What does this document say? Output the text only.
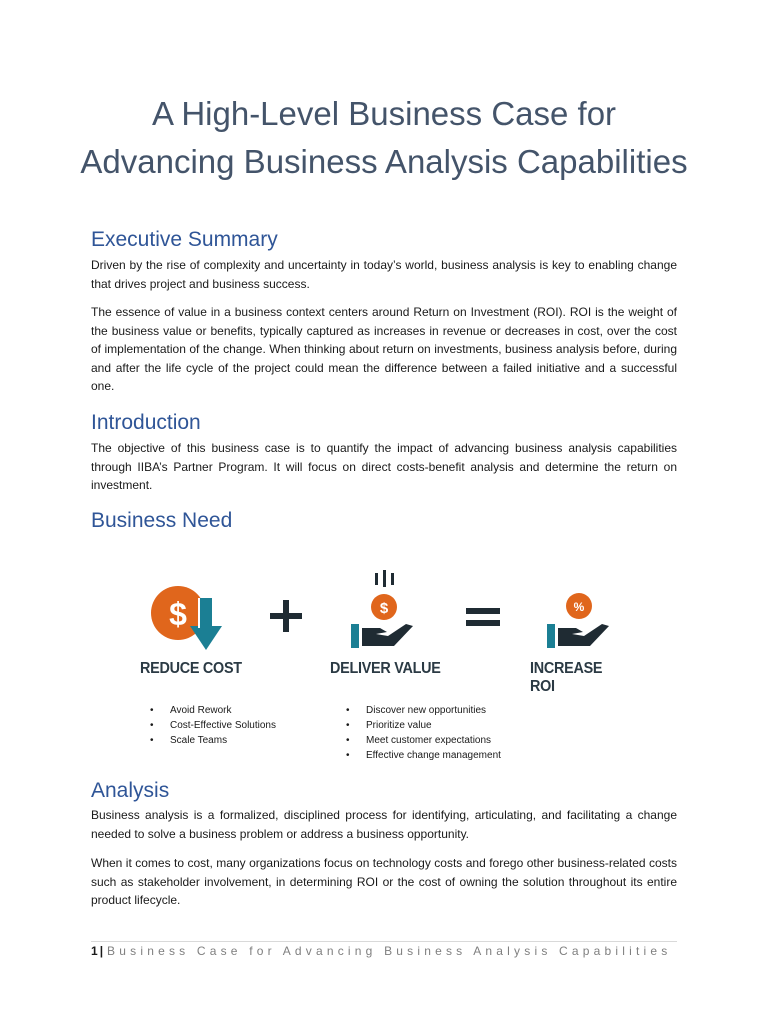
A High-Level Business Case for
Advancing Business Analysis Capabilities
Executive Summary

Driven by the rise of complexity and uncertainty in today’s world, business analysis is key to enabling change that drives project and business success.

The essence of value in a business context centers around Return on Investment (ROI). ROI is the weight of the business value or benefits, typically captured as increases in revenue or decreases in cost, over the cost of implementation of the change. When thinking about return on investments, business analysis before, during and after the life cycle of the project could mean the difference between a failed initiative and a successful one.

Introduction

The objective of this business case is to quantify the impact of advancing business analysis capabilities through IIBA’s Partner Program. It will focus on direct costs-benefit analysis and determine the return on investment.

Business Need
$	$	%
REDUCE COST	DELIVER VALUE	INCREASE ROI
• Avoid Rework
• Cost-Effective Solutions
• Scale Teams
• Discover new opportunities
• Prioritize value
• Meet customer expectations
• Effective change management
Analysis

Business analysis is a formalized, disciplined process for identifying, articulating, and facilitating a change needed to solve a business problem or address a business opportunity.

When it comes to cost, many organizations focus on technology costs and forego other business-related costs such as stakeholder involvement, in determining ROI or the cost of owning the solution throughout its entire product lifecycle.

1 | Business Case for Advancing Business Analysis Capabilities
